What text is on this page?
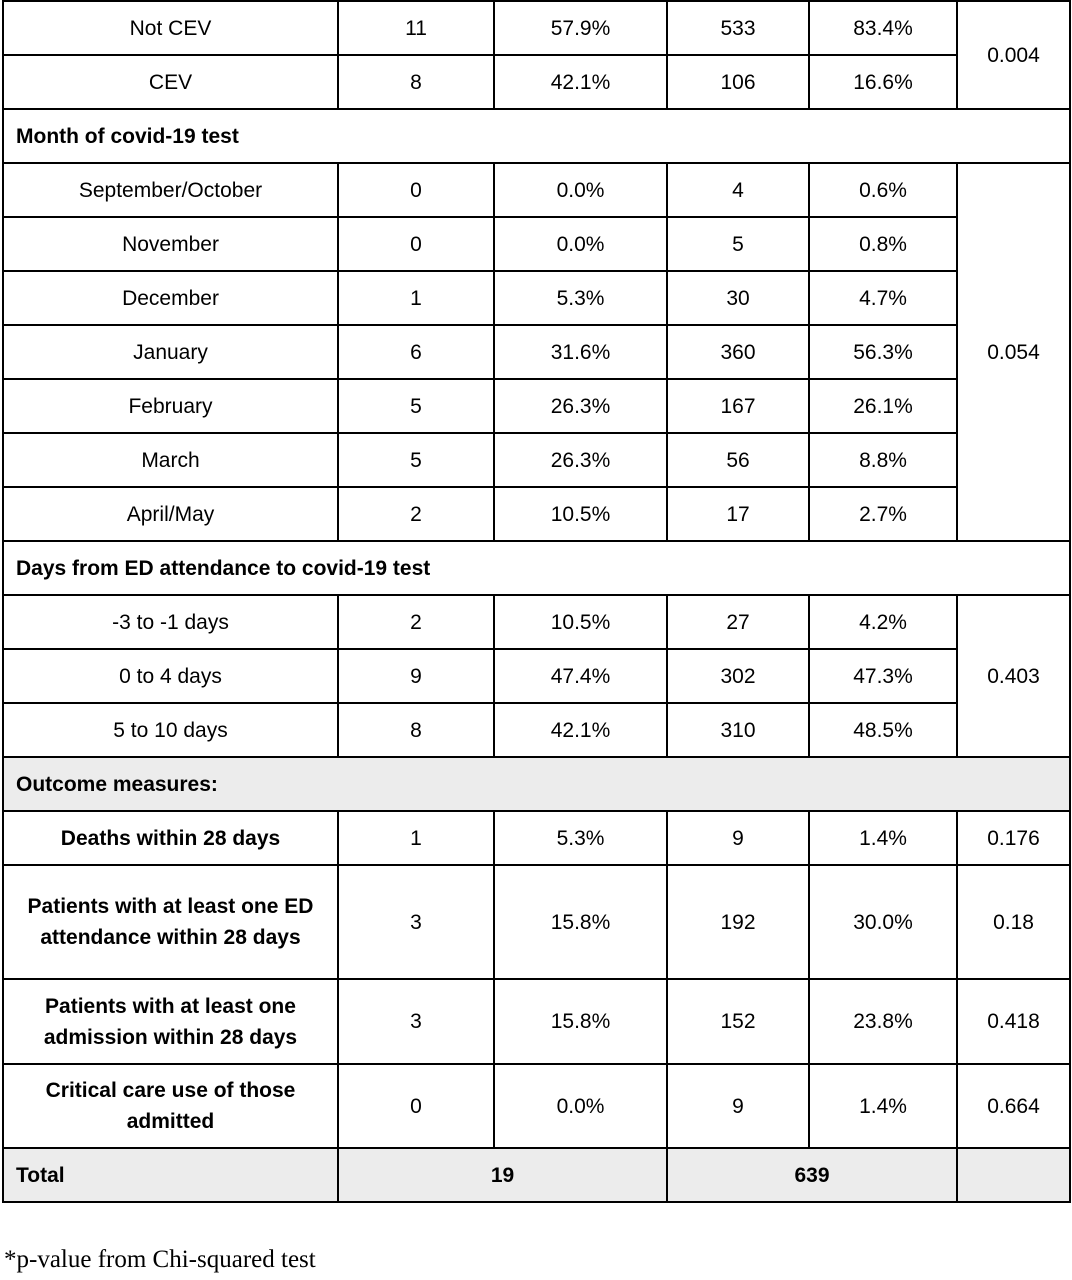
Not CEV	11	57.9%	533	83.4%	0.004
CEV	8	42.1%	106	16.6%	
Month of covid-19 test					
September/October	0	0.0%	4	0.6%	0.054
November	0	0.0%	5	0.8%	
December	1	5.3%	30	4.7%	
January	6	31.6%	360	56.3%	
February	5	26.3%	167	26.1%	
March	5	26.3%	56	8.8%	
April/May	2	10.5%	17	2.7%	
Days from ED attendance to covid-19 test					
-3 to -1 days	2	10.5%	27	4.2%	0.403
0 to 4 days	9	47.4%	302	47.3%	
5 to 10 days	8	42.1%	310	48.5%	
Outcome measures:					
Deaths within 28 days	1	5.3%	9	1.4%	0.176
Patients with at least one ED attendance within 28 days	3	15.8%	192	30.0%	0.18
Patients with at least one admission within 28 days	3	15.8%	152	23.8%	0.418
Critical care use of those admitted	0	0.0%	9	1.4%	0.664
Total	19		639		
*p-value from Chi-squared test
